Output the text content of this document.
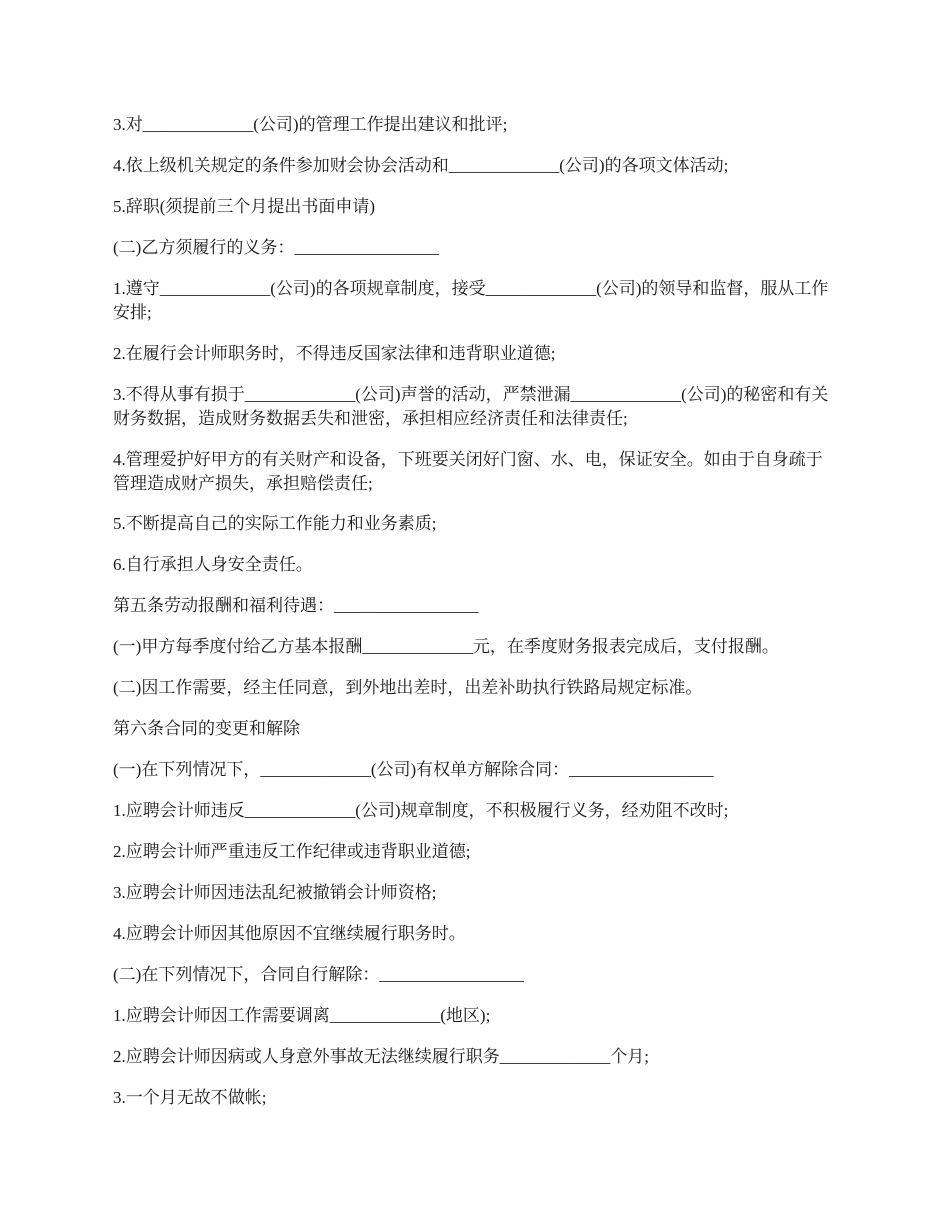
3.对_____________(公司)的管理工作提出建议和批评;

4.依上级机关规定的条件参加财会协会活动和_____________(公司)的各项文体活动;

5.辞职(须提前三个月提出书面申请)

(二)乙方须履行的义务：_________________

1.遵守_____________(公司)的各项规章制度，接受_____________(公司)的领导和监督，服从工作安排;

2.在履行会计师职务时，不得违反国家法律和违背职业道德;

3.不得从事有损于_____________(公司)声誉的活动，严禁泄漏_____________(公司)的秘密和有关财务数据，造成财务数据丢失和泄密，承担相应经济责任和法律责任;

4.管理爱护好甲方的有关财产和设备，下班要关闭好门窗、水、电，保证安全。如由于自身疏于管理造成财产损失，承担赔偿责任;

5.不断提高自己的实际工作能力和业务素质;

6.自行承担人身安全责任。

第五条劳动报酬和福利待遇：_________________

(一)甲方每季度付给乙方基本报酬_____________元，在季度财务报表完成后，支付报酬。

(二)因工作需要，经主任同意，到外地出差时，出差补助执行铁路局规定标准。

第六条合同的变更和解除

(一)在下列情况下，_____________(公司)有权单方解除合同：_________________

1.应聘会计师违反_____________(公司)规章制度，不积极履行义务，经劝阻不改时;

2.应聘会计师严重违反工作纪律或违背职业道德;

3.应聘会计师因违法乱纪被撤销会计师资格;

4.应聘会计师因其他原因不宜继续履行职务时。

(二)在下列情况下，合同自行解除：_________________

1.应聘会计师因工作需要调离_____________(地区);

2.应聘会计师因病或人身意外事故无法继续履行职务_____________个月;

3.一个月无故不做帐;
